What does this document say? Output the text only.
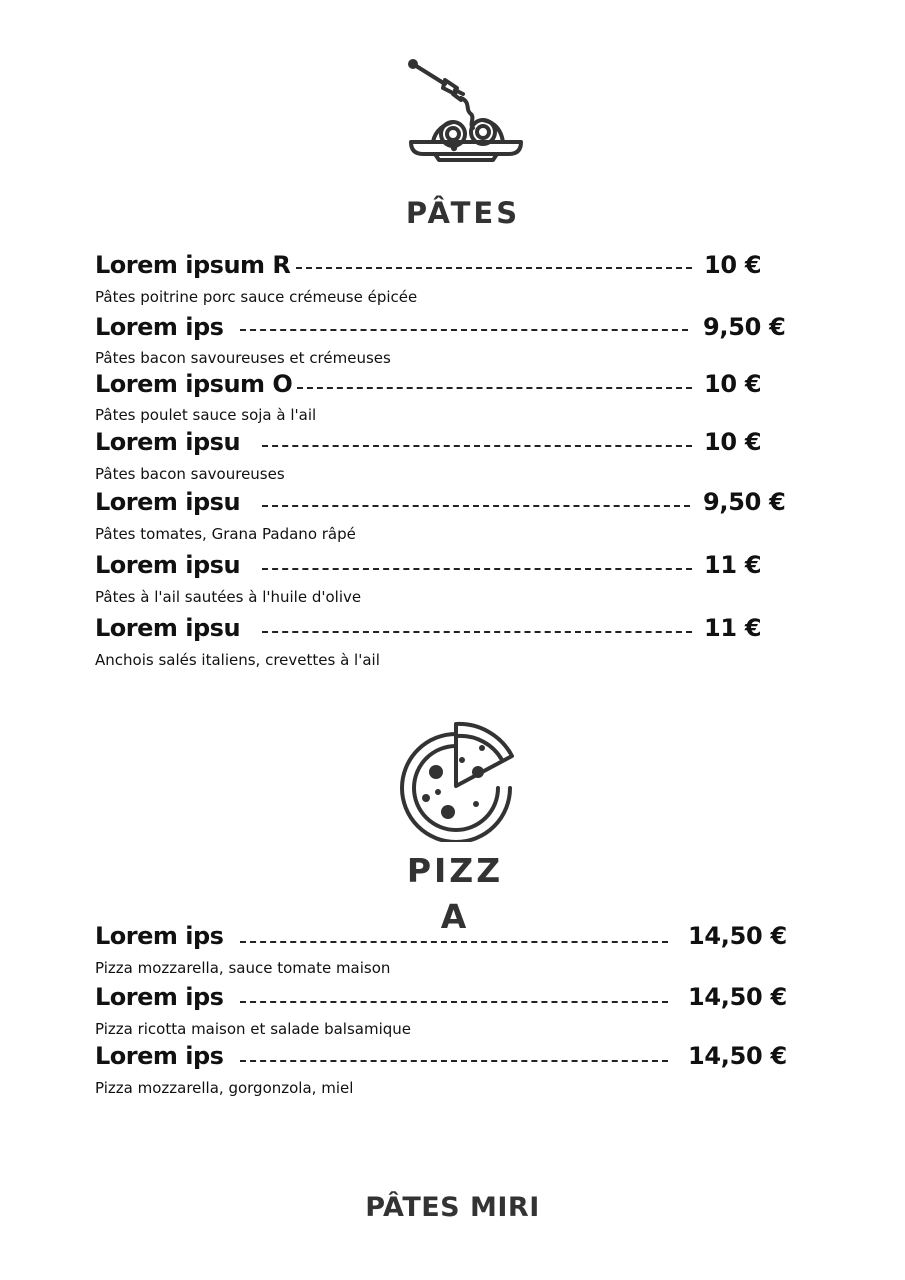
PÂTES
Lorem ipsum R	10 €
Pâtes poitrine porc sauce crémeuse épicée
Lorem ips	9,50 €
Pâtes bacon savoureuses et crémeuses
Lorem ipsum O	10 €
Pâtes poulet sauce soja à l'ail
Lorem ipsu	10 €
Pâtes bacon savoureuses
Lorem ipsu	9,50 €
Pâtes tomates, Grana Padano râpé
Lorem ipsu	11 €
Pâtes à l'ail sautées à l'huile d'olive
Lorem ipsu	11 €
Anchois salés italiens, crevettes à l'ail
PIZZ
A
Lorem ips	14,50 €
Pizza mozzarella, sauce tomate maison
Lorem ips	14,50 €
Pizza ricotta maison et salade balsamique
Lorem ips	14,50 €
Pizza mozzarella, gorgonzola, miel
PÂTES MIRI
